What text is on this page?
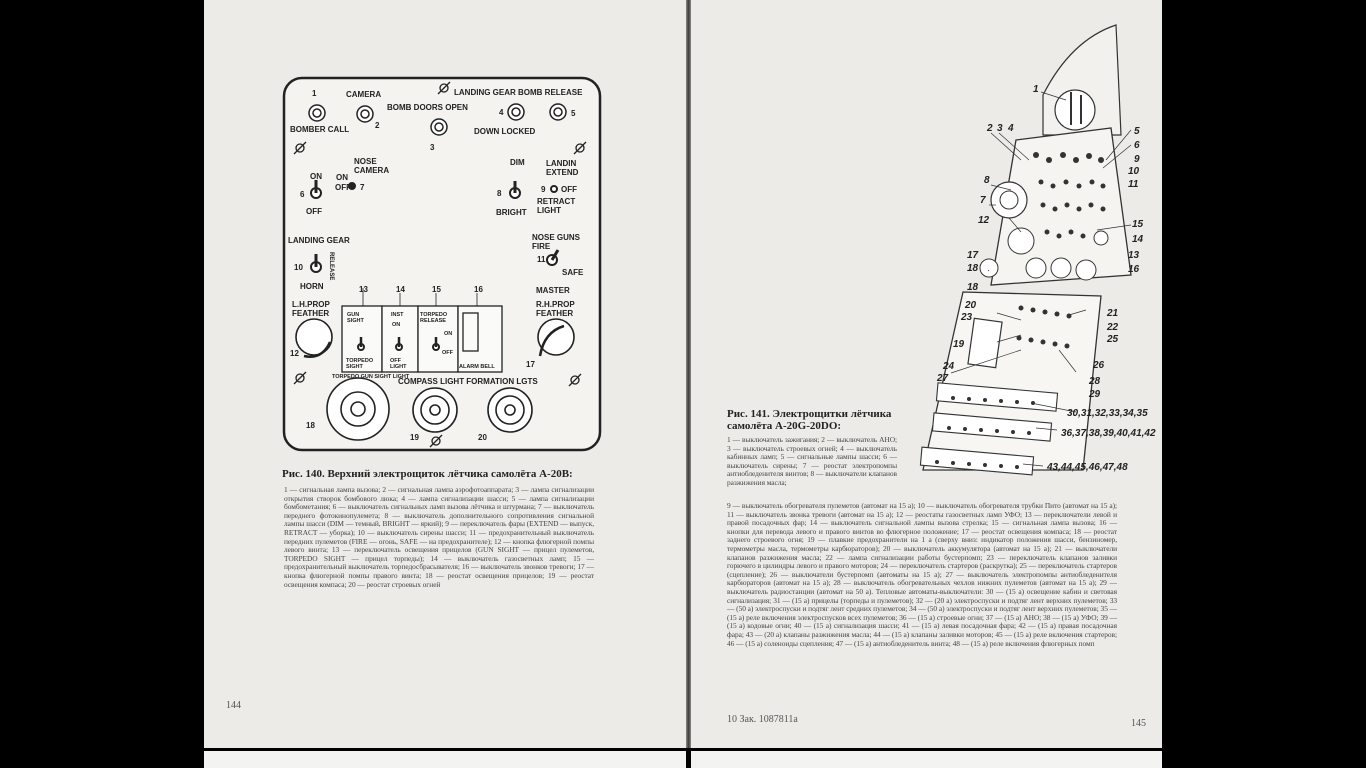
1	CAMERA	LANDING GEAR BOMB RELEASE
BOMB DOORS OPEN
4	5
BOMBER CALL	2
3
DOWN LOCKED
NOSE CAMERA
ON ON
OFF 7
6
OFF
DIM	LANDIN EXTEND
8	9 OFF
BRIGHT
RETRACT LIGHT
LANDING GEAR
10	RELEASE
HORN
NOSE GUNS FIRE
11
SAFE
MASTER
L.H.PROP FEATHER
R.H.PROP FEATHER
12
17
13	14	15	16
COMPASS LIGHT FORMATION LGTS
18
19	20
GUN SIGHT
TORPEDO SIGHT
INST
ON
OFF LIGHT
TORPEDO RELEASE
ON
OFF
ALARM BELL
TORPEDO GUN SIGHT LIGHT
Рис. 140. Верхний электрощиток лётчика самолёта А-20В:
1 — сигнальная лампа вызова; 2 — сигнальная лампа аэрофотоаппарата; 3 — лампа сигнализации открытия створок бомбового люка; 4 — лампа сигнализации шасси; 5 — лампа сигнализации бомбометания; 6 — выключатель сигнальных ламп вызова лётчика и штурмана; 7 — выключатель переднего фотокинопулемета; 8 — выключатель дополнительного сопротивления сигнальной лампы шасси (DIM — темный, BRIGHT — яркий); 9 — переключатель фары (EXTEND — выпуск, RETRACT — уборка); 10 — выключатель сирены шасси; 11 — предохранительный выключатель передних пулеметов (FIRE — огонь, SAFE — на предохранителе); 12 — кнопка флюгерной помпы левого винта; 13 — переключатель освещения прицелов (GUN SIGHT — прицел пулеметов, TORPEDO SIGHT — прицел торпеды); 14 — выключатель газосветных ламп; 15 — предохранительный выключатель торпедосбрасывателя; 16 — выключатель звонков тревоги; 17 — кнопка флюгерной помпы правого винта; 18 — реостат освещения прицелов; 19 — реостат освещения компаса; 20 — реостат строевых огней
144
1
2 3 4	5
6
9
10
11
8
7
12	15
14
13
16
17
18
18
20
23	21
22
25
26
19
24
27	28
29
30,31,32,33,34,35
36,37,38,39,40,41,42
43,44,45,46,47,48
Рис. 141. Электрощитки лётчика самолёта А-20G-20DO:
1 — выключатель зажигания; 2 — выключатель АНО; 3 — выключатель строевых огней; 4 — выключатель кабинных ламп; 5 — сигнальные лампы шасси; 6 — выключатель сирены; 7 — реостат электропомпы антиобледенителя винтов; 8 — выключатели клапанов разжижения масла;
9 — выключатель обогревателя пулеметов (автомат на 15 а); 10 — выключатель обогревателя трубки Пито (автомат на 15 а); 11 — выключатель звонка тревоги (автомат на 15 а); 12 — реостаты газосветных ламп УФО; 13 — переключатели левой и правой посадочных фар; 14 — выключатель сигнальной лампы вызова стрелка; 15 — сигнальная лампа вызова; 16 — кнопки для перевода левого и правого винтов во флюгерное положение; 17 — реостат освещения компаса; 18 — реостат заднего строевого огня; 19 — плавкие предохранители на 1 а (сверху вниз: индикатор положения шасси, бензиномер, термометры масла, термометры карбюраторов); 20 — выключатель аккумулятора (автомат на 15 а); 21 — выключатели клапанов разжижения масла; 22 — лампа сигнализации работы бустерпомп; 23 — переключатель клапанов заливки горючего в цилиндры левого и правого моторов; 24 — переключатель стартеров (раскрутка); 25 — переключатель стартеров (сцепление); 26 — выключатели бустерпомп (автоматы на 15 а); 27 — выключатель электропомпы антиобледенителя карбюраторов (автомат на 15 а); 28 — выключатель обогревательных чехлов нижних пулеметов (автомат на 15 а); 29 — выключатель радиостанции (автомат на 50 а). Тепловые автоматы-выключатели: 30 — (15 а) освещение кабин и световая сигнализация; 31 — (15 а) прицелы (торпеды и пулеметов); 32 — (20 а) электроспуски и подтяг лент верхних пулеметов; 33 — (50 а) электроспуски и подтяг лент средних пулеметов; 34 — (50 а) электроспуски и подтяг лент верхних пулеметов; 35 — (15 а) реле включения электроспусков всех пулеметов; 36 — (15 а) строевые огни; 37 — (15 а) АНО; 38 — (15 а) УФО; 39 — (15 а) кодовые огни; 40 — (15 а) сигнализация шасси; 41 — (15 а) левая посадочная фара; 42 — (15 а) правая посадочная фара; 43 — (20 а) клапаны разжижения масла; 44 — (15 а) клапаны заливки моторов; 45 — (15 а) реле включения стартеров; 46 — (15 а) соленоиды сцепления; 47 — (15 а) антиобледенитель винта; 48 — (15 а) реле включения флюгерных помп
10 Зак. 1087811а	145
